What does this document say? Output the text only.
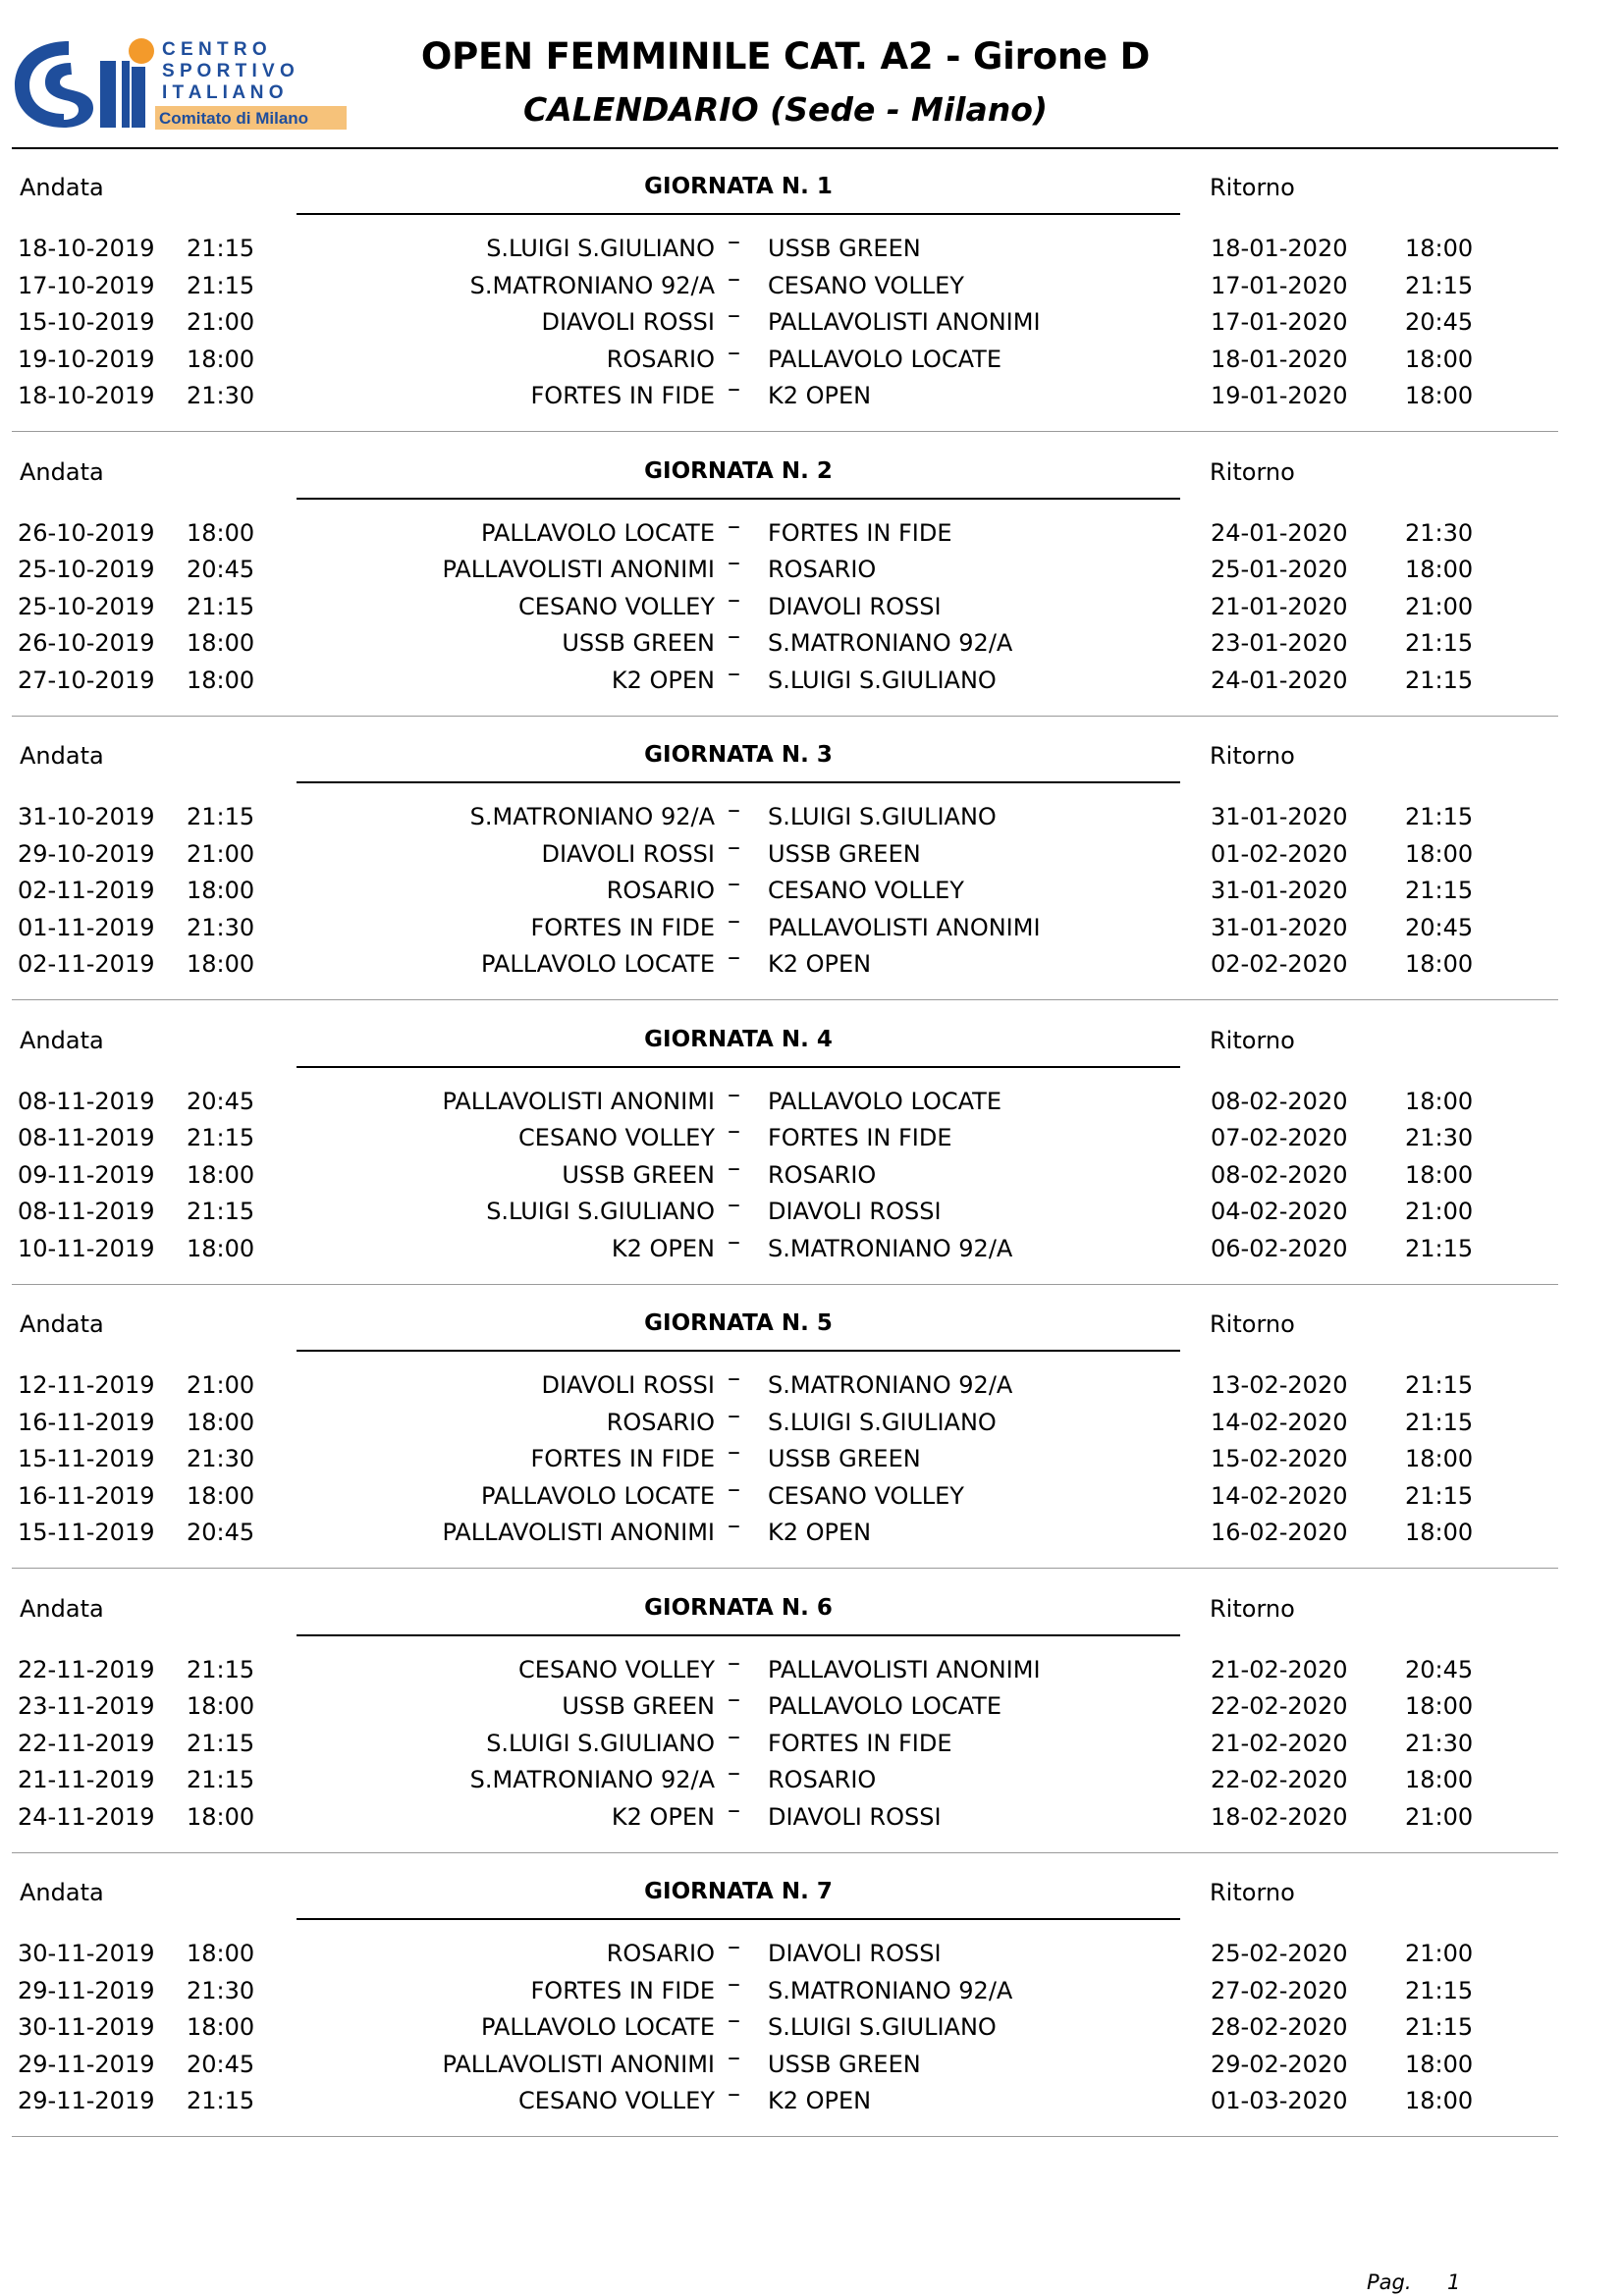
C E N T R O
S P O R T I V O
I T A L I A N O
Comitato di Milano
OPEN FEMMINILE CAT. A2 - Girone D
CALENDARIO (Sede - Milano)
Andata	GIORNATA N. 1	Ritorno
18-10-2019 21:15	S.LUIGI S.GIULIANO – USSB GREEN	18-01-2020 18:00
17-10-2019 21:15	S.MATRONIANO 92/A – CESANO VOLLEY	17-01-2020 21:15
15-10-2019 21:00	DIAVOLI ROSSI – PALLAVOLISTI ANONIMI	17-01-2020 20:45
19-10-2019 18:00	ROSARIO – PALLAVOLO LOCATE	18-01-2020 18:00
18-10-2019 21:30	FORTES IN FIDE – K2 OPEN	19-01-2020 18:00
Andata	GIORNATA N. 2	Ritorno
26-10-2019 18:00	PALLAVOLO LOCATE – FORTES IN FIDE	24-01-2020 21:30
25-10-2019 20:45	PALLAVOLISTI ANONIMI – ROSARIO	25-01-2020 18:00
25-10-2019 21:15	CESANO VOLLEY – DIAVOLI ROSSI	21-01-2020 21:00
26-10-2019 18:00	USSB GREEN – S.MATRONIANO 92/A	23-01-2020 21:15
27-10-2019 18:00	K2 OPEN – S.LUIGI S.GIULIANO	24-01-2020 21:15
Andata	GIORNATA N. 3	Ritorno
31-10-2019 21:15	S.MATRONIANO 92/A – S.LUIGI S.GIULIANO	31-01-2020 21:15
29-10-2019 21:00	DIAVOLI ROSSI – USSB GREEN	01-02-2020 18:00
02-11-2019 18:00	ROSARIO – CESANO VOLLEY	31-01-2020 21:15
01-11-2019 21:30	FORTES IN FIDE – PALLAVOLISTI ANONIMI	31-01-2020 20:45
02-11-2019 18:00	PALLAVOLO LOCATE – K2 OPEN	02-02-2020 18:00
Andata	GIORNATA N. 4	Ritorno
08-11-2019 20:45	PALLAVOLISTI ANONIMI – PALLAVOLO LOCATE	08-02-2020 18:00
08-11-2019 21:15	CESANO VOLLEY – FORTES IN FIDE	07-02-2020 21:30
09-11-2019 18:00	USSB GREEN – ROSARIO	08-02-2020 18:00
08-11-2019 21:15	S.LUIGI S.GIULIANO – DIAVOLI ROSSI	04-02-2020 21:00
10-11-2019 18:00	K2 OPEN – S.MATRONIANO 92/A	06-02-2020 21:15
Andata	GIORNATA N. 5	Ritorno
12-11-2019 21:00	DIAVOLI ROSSI – S.MATRONIANO 92/A	13-02-2020 21:15
16-11-2019 18:00	ROSARIO – S.LUIGI S.GIULIANO	14-02-2020 21:15
15-11-2019 21:30	FORTES IN FIDE – USSB GREEN	15-02-2020 18:00
16-11-2019 18:00	PALLAVOLO LOCATE – CESANO VOLLEY	14-02-2020 21:15
15-11-2019 20:45	PALLAVOLISTI ANONIMI – K2 OPEN	16-02-2020 18:00
Andata	GIORNATA N. 6	Ritorno
22-11-2019 21:15	CESANO VOLLEY – PALLAVOLISTI ANONIMI	21-02-2020 20:45
23-11-2019 18:00	USSB GREEN – PALLAVOLO LOCATE	22-02-2020 18:00
22-11-2019 21:15	S.LUIGI S.GIULIANO – FORTES IN FIDE	21-02-2020 21:30
21-11-2019 21:15	S.MATRONIANO 92/A – ROSARIO	22-02-2020 18:00
24-11-2019 18:00	K2 OPEN – DIAVOLI ROSSI	18-02-2020 21:00
Andata	GIORNATA N. 7	Ritorno
30-11-2019 18:00	ROSARIO – DIAVOLI ROSSI	25-02-2020 21:00
29-11-2019 21:30	FORTES IN FIDE – S.MATRONIANO 92/A	27-02-2020 21:15
30-11-2019 18:00	PALLAVOLO LOCATE – S.LUIGI S.GIULIANO	28-02-2020 21:15
29-11-2019 20:45	PALLAVOLISTI ANONIMI – USSB GREEN	29-02-2020 18:00
29-11-2019 21:15	CESANO VOLLEY – K2 OPEN	01-03-2020 18:00
Pag. 1
